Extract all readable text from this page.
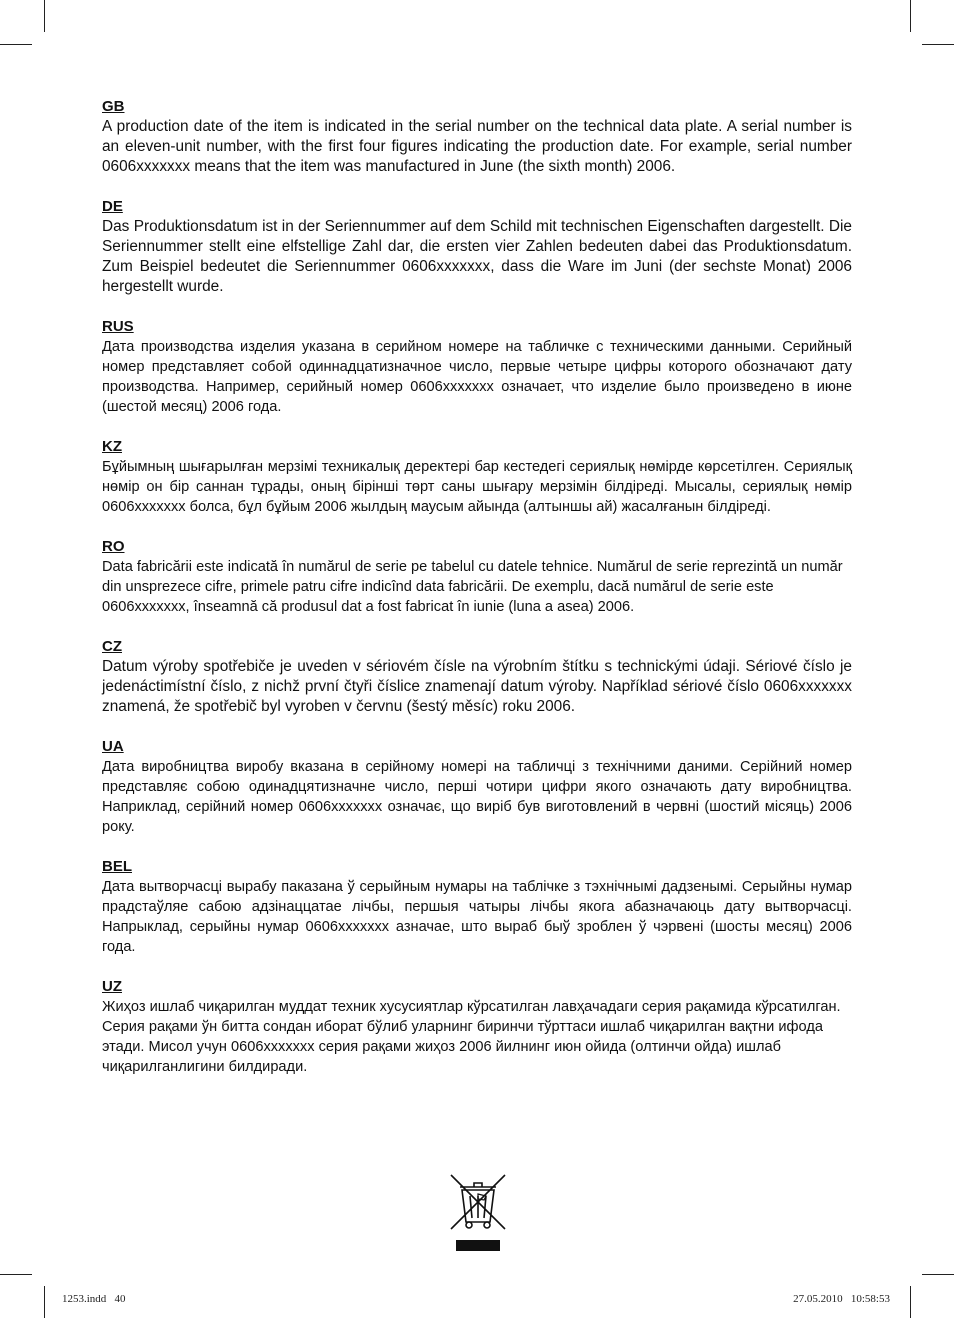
GB
A production date of the item is indicated in the serial number on the technical data plate. A serial number is an eleven-unit number, with the first four figures indicating the production date. For example, serial number 0606xxxxxxx means that the item was manufactured in June (the sixth month) 2006.
DE
Das Produktionsdatum ist in der Seriennummer auf dem Schild mit technischen Eigenschaften dargestellt. Die Seriennummer stellt eine elfstellige Zahl dar, die ersten vier Zahlen bedeuten dabei das Produktionsdatum. Zum Beispiel bedeutet die Seriennummer 0606xxxxxxx, dass die Ware im Juni (der sechste Monat) 2006 hergestellt wurde.
RUS
Дата производства изделия указана в серийном номере на табличке с техническими данными. Серийный номер представляет собой одиннадцатизначное число, первые четыре цифры которого обозначают дату производства. Например, серийный номер 0606xxxxxxx означает, что изделие было произведено в июне (шестой месяц) 2006 года.
KZ
Бұйымның шығарылған мерзімі техникалық деректері бар кестедегі сериялық нөмірде көрсетілген. Сериялық нөмір он бір саннан тұрады, оның бірінші төрт саны шығару мерзімін білдіреді. Мысалы, сериялық нөмір 0606xxxxxxx болса, бұл бұйым 2006 жылдың маусым айында (алтыншы ай) жасалғанын білдіреді.
RO
Data fabricării este indicată în numărul de serie pe tabelul cu datele tehnice. Numărul de serie reprezintă un număr din unsprezece cifre, primele patru cifre indicînd data fabricării. De exemplu, dacă numărul de serie este 0606xxxxxxx, înseamnă că produsul dat a fost fabricat în iunie (luna a asea) 2006.
CZ
Datum výroby spotřebiče je uveden v sériovém čísle na výrobním štítku s technickými údaji. Sériové číslo je jedenáctimístní číslo, z nichž první čtyři číslice znamenají datum výroby. Například sériové číslo 0606xxxxxxx znamená, že spotřebič byl vyroben v červnu (šestý měsíc) roku 2006.
UA
Дата виробництва виробу вказана в серійному номері на табличці з технічними даними. Серійний номер представляє собою одинадцятизначне число, перші чотири цифри якого означають дату виробництва. Наприклад, серійний номер 0606xxxxxxx означає, що виріб був виготовлений в червні (шостий місяць) 2006 року.
BEL
Дата вытворчасці вырабу паказана ў серыйным нумары на таблічке з тэхнічнымі дадзенымі. Серыйны нумар прадстаўляе сабою адзінаццатае лічбы, першыя чатыры лічбы якога абазначаюць дату вытворчасці. Напрыклад, серыйны нумар 0606xxxxxxx азначае, што выраб быў зроблен ў чэрвені (шосты месяц) 2006 года.
UZ
Жиҳоз ишлаб чиқарилган муддат техник хусусиятлар кўрсатилган лавҳачадаги серия рақамида кўрсатилган. Серия рақами ўн битта сондан иборат бўлиб уларнинг биринчи тўрттаси ишлаб чиқарилган вақтни ифода этади. Мисол учун 0606xxxxxxx серия рақами жиҳоз 2006 йилнинг июн ойида (олтинчи ойда) ишлаб чиқарилганлигини билдиради.
1253.indd   40	27.05.2010   10:58:53
